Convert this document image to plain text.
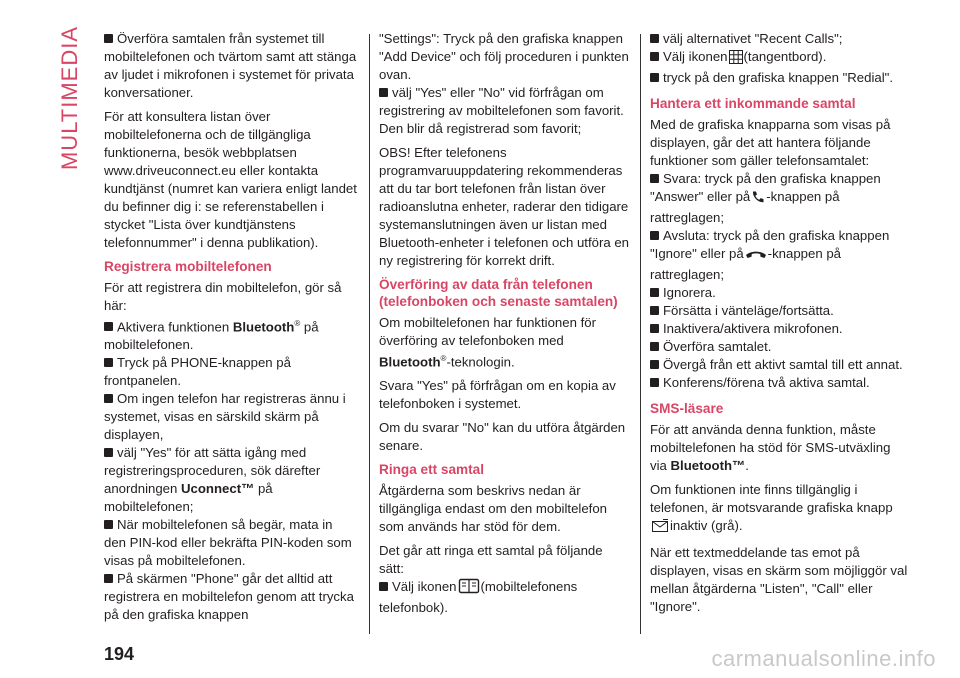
MULTIMEDIA	Överföra samtalen från systemet till mobiltelefonen och tvärtom samt att stänga av ljudet i mikrofonen i systemet för privata konversationer.

För att konsultera listan över mobiltelefonerna och de tillgängliga funktionerna, besök webbplatsen www.driveuconnect.eu eller kontakta kundtjänst (numret kan variera enligt landet du befinner dig i: se referenstabellen i stycket "Lista över kundtjänstens telefonnummer" i denna publikation).

Registrera mobiltelefonen

För att registrera din mobiltelefon, gör så här:

Aktivera funktionen Bluetooth® på mobiltelefonen.

Tryck på PHONE-knappen på frontpanelen.

Om ingen telefon har registreras ännu i systemet, visas en särskild skärm på displayen,

välj "Yes" för att sätta igång med registreringsproceduren, sök därefter anordningen Uconnect™ på mobiltelefonen;

När mobiltelefonen så begär, mata in den PIN-kod eller bekräfta PIN-koden som visas på mobiltelefonen.

På skärmen "Phone" går det alltid att registrera en mobiltelefon genom att trycka på den grafiska knappen

"Settings": Tryck på den grafiska knappen "Add Device" och följ proceduren i punkten ovan.

välj "Yes" eller "No" vid förfrågan om registrering av mobiltelefonen som favorit. Den blir då registrerad som favorit;

OBS! Efter telefonens programvaruuppdatering rekommenderas att du tar bort telefonen från listan över radioanslutna enheter, raderar den tidigare systemanslutningen även ur listan med Bluetooth-enheter i telefonen och utföra en ny registrering för korrekt drift.

Överföring av data från telefonen (telefonboken och senaste samtalen)

Om mobiltelefonen har funktionen för överföring av telefonboken med Bluetooth®-teknologin.

Svara "Yes" på förfrågan om en kopia av telefonboken i systemet.

Om du svarar "No" kan du utföra åtgärden senare.

Ringa ett samtal

Åtgärderna som beskrivs nedan är tillgängliga endast om den mobiltelefon som används har stöd för dem.

Det går att ringa ett samtal på följande sätt:

Välj ikonen (mobiltelefonens telefonbok).

välj alternativet "Recent Calls";

Välj ikonen (tangentbord).

tryck på den grafiska knappen "Redial".

Hantera ett inkommande samtal

Med de grafiska knapparna som visas på displayen, går det att hantera följande funktioner som gäller telefonsamtalet:

Svara: tryck på den grafiska knappen "Answer" eller på -knappen på rattreglagen;

Avsluta: tryck på den grafiska knappen "Ignore" eller på -knappen på rattreglagen;

Ignorera.

Försätta i vänteläge/fortsätta.

Inaktivera/aktivera mikrofonen.

Överföra samtalet.

Övergå från ett aktivt samtal till ett annat.

Konferens/förena två aktiva samtal.

SMS-läsare

För att använda denna funktion, måste mobiltelefonen ha stöd för SMS-utväxling via Bluetooth™.

Om funktionen inte finns tillgänglig i telefonen, är motsvarande grafiska knappinaktiv (grå).

När ett textmeddelande tas emot på displayen, visas en skärm som möjliggör val mellan åtgärderna "Listen", "Call" eller "Ignore".

194	carmanualsonline.info
